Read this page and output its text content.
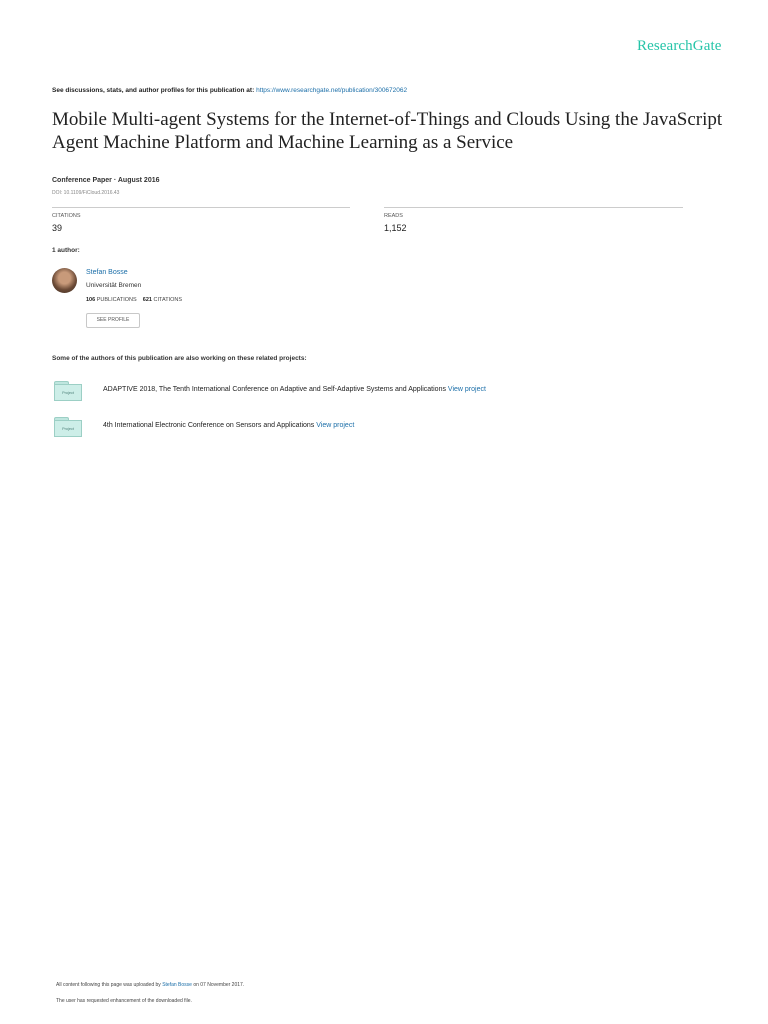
ResearchGate
See discussions, stats, and author profiles for this publication at: https://www.researchgate.net/publication/300672062
Mobile Multi-agent Systems for the Internet-of-Things and Clouds Using the JavaScript Agent Machine Platform and Machine Learning as a Service
Conference Paper · August 2016
DOI: 10.1109/FiCloud.2016.43
CITATIONS
39
READS
1,152
1 author:
Stefan Bosse
Universität Bremen
106 PUBLICATIONS 621 CITATIONS
SEE PROFILE
Some of the authors of this publication are also working on these related projects:
Project	ADAPTIVE 2018, The Tenth International Conference on Adaptive and Self-Adaptive Systems and Applications View project
Project	4th International Electronic Conference on Sensors and Applications View project
All content following this page was uploaded by Stefan Bosse on 07 November 2017.
The user has requested enhancement of the downloaded file.
